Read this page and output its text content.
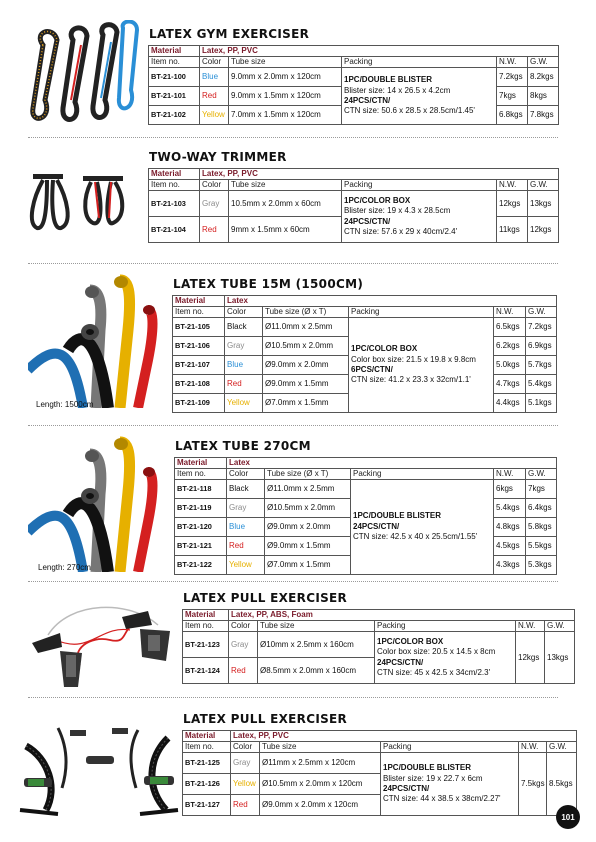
LATEX GYM EXERCISER
Material	Latex, PP, PVC				
Item no.	Color	Tube size	Packing	N.W.	G.W.
BT-21-100	Blue	9.0mm x 2.0mm x 120cm	1PC/DOUBLE BLISTER
Blister size: 14 x 26.5 x 4.2cm
24PCS/CTN/
CTN size: 50.6 x 28.5 x 28.5cm/1.45'	7.2kgs	8.2kgs
BT-21-101	Red	9.0mm x 1.5mm x 120cm		7kgs	8kgs
BT-21-102	Yellow	7.0mm x 1.5mm x 120cm		6.8kgs	7.8kgs
TWO-WAY TRIMMER
Material	Latex, PP, PVC				
Item no.	Color	Tube size	Packing	N.W.	G.W.
BT-21-103	Gray	10.5mm x 2.0mm x 60cm	1PC/COLOR BOX
Blister size: 19 x 4.3 x 28.5cm
24PCS/CTN/
CTN size: 57.6 x 29 x 40cm/2.4'	12kgs	13kgs
BT-21-104	Red	9mm x 1.5mm x 60cm		11kgs	12kgs
Length: 1500cm
LATEX TUBE 15M (1500CM)
Material	Latex				
Item no.	Color	Tube size (Ø x T)	Packing	N.W.	G.W.
BT-21-105	Black	Ø11.0mm x 2.5mm	1PC/COLOR BOX
Color box size: 21.5 x 19.8 x 9.8cm
6PCS/CTN/
CTN size: 41.2 x 23.3 x 32cm/1.1'	6.5kgs	7.2kgs
BT-21-106	Gray	Ø10.5mm x 2.0mm		6.2kgs	6.9kgs
BT-21-107	Blue	Ø9.0mm x 2.0mm		5.0kgs	5.7kgs
BT-21-108	Red	Ø9.0mm x 1.5mm		4.7kgs	5.4kgs
BT-21-109	Yellow	Ø7.0mm x 1.5mm		4.4kgs	5.1kgs
Length: 270cm
LATEX TUBE 270CM
Material	Latex				
Item no.	Color	Tube size (Ø x T)	Packing	N.W.	G.W.
BT-21-118	Black	Ø11.0mm x 2.5mm	1PC/DOUBLE BLISTER
24PCS/CTN/
CTN size: 42.5 x 40 x 25.5cm/1.55'	6kgs	7kgs
BT-21-119	Gray	Ø10.5mm x 2.0mm		5.4kgs	6.4kgs
BT-21-120	Blue	Ø9.0mm x 2.0mm		4.8kgs	5.8kgs
BT-21-121	Red	Ø9.0mm x 1.5mm		4.5kgs	5.5kgs
BT-21-122	Yellow	Ø7.0mm x 1.5mm		4.3kgs	5.3kgs
LATEX PULL EXERCISER
Material	Latex, PP, ABS, Foam				
Item no.	Color	Tube size	Packing	N.W.	G.W.
BT-21-123	Gray	Ø10mm x 2.5mm x 160cm	1PC/COLOR BOX
Color box size: 20.5 x 14.5 x 8cm
24PCS/CTN/
CTN size: 45 x 42.5 x 34cm/2.3'	12kgs	13kgs
BT-21-124	Red	Ø8.5mm x 2.0mm x 160cm			
LATEX PULL EXERCISER
Material	Latex, PP, PVC				
Item no.	Color	Tube size	Packing	N.W.	G.W.
BT-21-125	Gray	Ø11mm x 2.5mm x 120cm	1PC/DOUBLE BLISTER
Blister size: 19 x 22.7 x 6cm
24PCS/CTN/
CTN size: 44 x 38.5 x 38cm/2.27'	7.5kgs	8.5kgs
BT-21-126	Yellow	Ø10.5mm x 2.0mm x 120cm			
BT-21-127	Red	Ø9.0mm x 2.0mm x 120cm			
101
